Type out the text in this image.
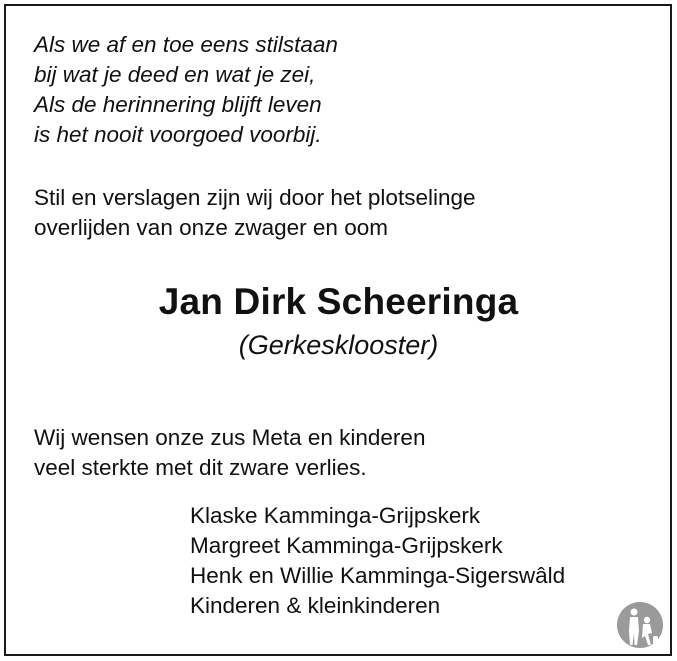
Als we af en toe eens stilstaan
bij wat je deed en wat je zei,
Als de herinnering blijft leven
is het nooit voorgoed voorbij.
Stil en verslagen zijn wij door het plotselinge
overlijden van onze zwager en oom
Jan Dirk Scheeringa
(Gerkesklooster)
Wij wensen onze zus Meta en kinderen
veel sterkte met dit zware verlies.
Klaske Kamminga-Grijpskerk
Margreet Kamminga-Grijpskerk
Henk en Willie Kamminga-Sigerswâld
Kinderen & kleinkinderen
